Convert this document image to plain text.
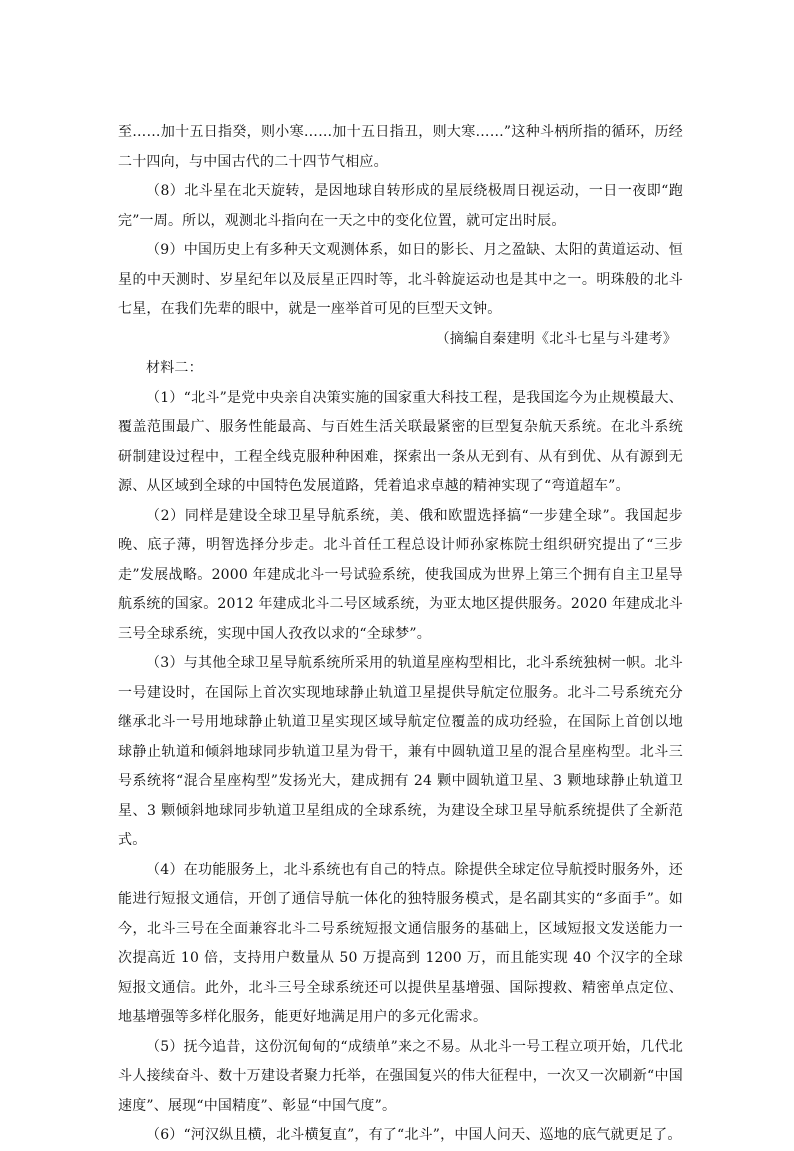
至……加十五日指癸，则小寒……加十五日指丑，则大寒……”这种斗柄所指的循环，历经二十四向，与中国古代的二十四节气相应。

（8）北斗星在北天旋转，是因地球自转形成的星辰绕极周日视运动，一日一夜即“跑完”一周。所以，观测北斗指向在一天之中的变化位置，就可定出时辰。

（9）中国历史上有多种天文观测体系，如日的影长、月之盈缺、太阳的黄道运动、恒星的中天测时、岁星纪年以及辰星正四时等，北斗斡旋运动也是其中之一。明珠般的北斗七星，在我们先辈的眼中，就是一座举首可见的巨型天文钟。

（摘编自秦建明《北斗七星与斗建考》

材料二：

（1）“北斗”是党中央亲自决策实施的国家重大科技工程，是我国迄今为止规模最大、覆盖范围最广、服务性能最高、与百姓生活关联最紧密的巨型复杂航天系统。在北斗系统研制建设过程中，工程全线克服种种困难，探索出一条从无到有、从有到优、从有源到无源、从区域到全球的中国特色发展道路，凭着追求卓越的精神实现了“弯道超车”。

（2）同样是建设全球卫星导航系统，美、俄和欧盟选择搞“一步建全球”。我国起步晚、底子薄，明智选择分步走。北斗首任工程总设计师孙家栋院士组织研究提出了“三步走”发展战略。2000 年建成北斗一号试验系统，使我国成为世界上第三个拥有自主卫星导航系统的国家。2012 年建成北斗二号区域系统，为亚太地区提供服务。2020 年建成北斗三号全球系统，实现中国人孜孜以求的“全球梦”。

（3）与其他全球卫星导航系统所采用的轨道星座构型相比，北斗系统独树一帜。北斗一号建设时，在国际上首次实现地球静止轨道卫星提供导航定位服务。北斗二号系统充分继承北斗一号用地球静止轨道卫星实现区域导航定位覆盖的成功经验，在国际上首创以地球静止轨道和倾斜地球同步轨道卫星为骨干，兼有中圆轨道卫星的混合星座构型。北斗三号系统将“混合星座构型”发扬光大，建成拥有 24 颗中圆轨道卫星、3 颗地球静止轨道卫星、3 颗倾斜地球同步轨道卫星组成的全球系统，为建设全球卫星导航系统提供了全新范式。

（4）在功能服务上，北斗系统也有自己的特点。除提供全球定位导航授时服务外，还能进行短报文通信，开创了通信导航一体化的独特服务模式，是名副其实的“多面手”。如今，北斗三号在全面兼容北斗二号系统短报文通信服务的基础上，区域短报文发送能力一次提高近 10 倍，支持用户数量从 50 万提高到 1200 万，而且能实现 40 个汉字的全球短报文通信。此外，北斗三号全球系统还可以提供星基增强、国际搜救、精密单点定位、地基增强等多样化服务，能更好地满足用户的多元化需求。

（5）抚今追昔，这份沉甸甸的“成绩单”来之不易。从北斗一号工程立项开始，几代北斗人接续奋斗、数十万建设者聚力托举，在强国复兴的伟大征程中，一次又一次刷新“中国速度”、展现“中国精度”、彰显“中国气度”。

（6）“河汉纵且横，北斗横复直”，有了“北斗”，中国人问天、巡地的底气就更足了。
